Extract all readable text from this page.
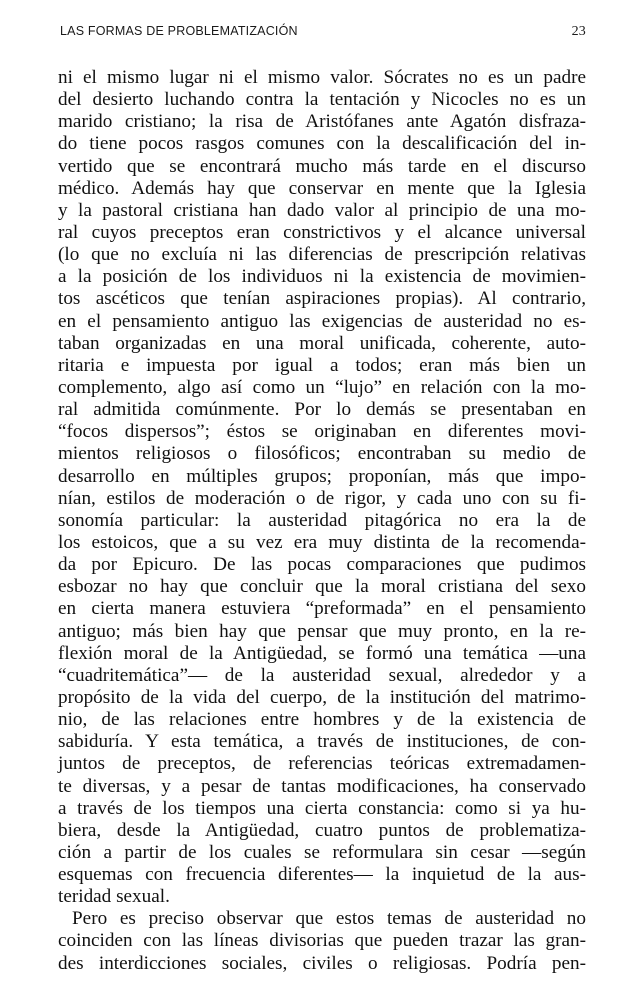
LAS FORMAS DE PROBLEMATIZACIÓN	23
ni el mismo lugar ni el mismo valor. Sócrates no es un padre
del desierto luchando contra la tentación y Nicocles no es un
marido cristiano; la risa de Aristófanes ante Agatón disfraza-
do tiene pocos rasgos comunes con la descalificación del in-
vertido que se encontrará mucho más tarde en el discurso
médico. Además hay que conservar en mente que la Iglesia
y la pastoral cristiana han dado valor al principio de una mo-
ral cuyos preceptos eran constrictivos y el alcance universal
(lo que no excluía ni las diferencias de prescripción relativas
a la posición de los individuos ni la existencia de movimien-
tos ascéticos que tenían aspiraciones propias). Al contrario,
en el pensamiento antiguo las exigencias de austeridad no es-
taban organizadas en una moral unificada, coherente, auto-
ritaria e impuesta por igual a todos; eran más bien un
complemento, algo así como un “lujo” en relación con la mo-
ral admitida comúnmente. Por lo demás se presentaban en
“focos dispersos”; éstos se originaban en diferentes movi-
mientos religiosos o filosóficos; encontraban su medio de
desarrollo en múltiples grupos; proponían, más que impo-
nían, estilos de moderación o de rigor, y cada uno con su fi-
sonomía particular: la austeridad pitagórica no era la de
los estoicos, que a su vez era muy distinta de la recomenda-
da por Epicuro. De las pocas comparaciones que pudimos
esbozar no hay que concluir que la moral cristiana del sexo
en cierta manera estuviera “preformada” en el pensamiento
antiguo; más bien hay que pensar que muy pronto, en la re-
flexión moral de la Antigüedad, se formó una temática —una
“cuadritemática”— de la austeridad sexual, alrededor y a
propósito de la vida del cuerpo, de la institución del matrimo-
nio, de las relaciones entre hombres y de la existencia de
sabiduría. Y esta temática, a través de instituciones, de con-
juntos de preceptos, de referencias teóricas extremadamen-
te diversas, y a pesar de tantas modificaciones, ha conservado
a través de los tiempos una cierta constancia: como si ya hu-
biera, desde la Antigüedad, cuatro puntos de problematiza-
ción a partir de los cuales se reformulara sin cesar —según
esquemas con frecuencia diferentes— la inquietud de la aus-
teridad sexual.
Pero es preciso observar que estos temas de austeridad no
coinciden con las líneas divisorias que pueden trazar las gran-
des interdicciones sociales, civiles o religiosas. Podría pen-
